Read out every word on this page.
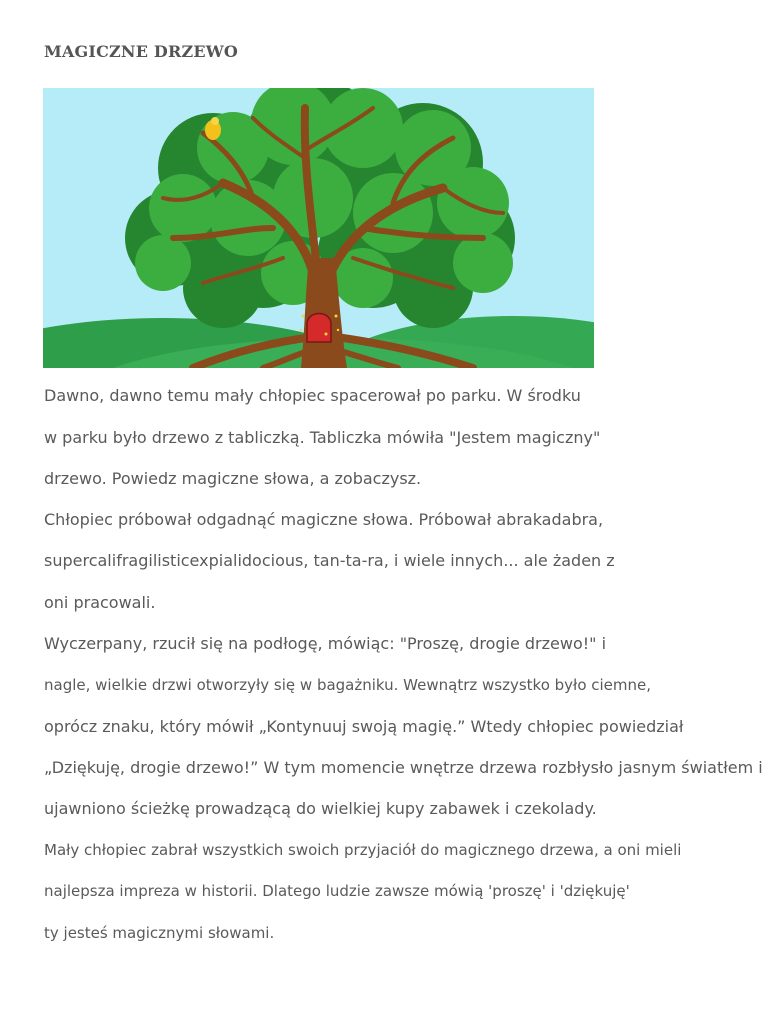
MAGICZNE DRZEWO

Dawno, dawno temu mały chłopiec spacerował po parku. W środku

w parku było drzewo z tabliczką. Tabliczka mówiła "Jestem magiczny"

drzewo. Powiedz magiczne słowa, a zobaczysz.

Chłopiec próbował odgadnąć magiczne słowa. Próbował abrakadabra,

supercalifragilisticexpialidocious, tan-ta-ra, i wiele innych... ale żaden z

oni pracowali.

Wyczerpany, rzucił się na podłogę, mówiąc: "Proszę, drogie drzewo!" i

nagle, wielkie drzwi otworzyły się w bagażniku. Wewnątrz wszystko było ciemne,

oprócz znaku, który mówił „Kontynuuj swoją magię.” Wtedy chłopiec powiedział

„Dziękuję, drogie drzewo!” W tym momencie wnętrze drzewa rozbłysło jasnym światłem i

ujawniono ścieżkę prowadzącą do wielkiej kupy zabawek i czekolady.

Mały chłopiec zabrał wszystkich swoich przyjaciół do magicznego drzewa, a oni mieli

najlepsza impreza w historii. Dlatego ludzie zawsze mówią 'proszę' i 'dziękuję'

ty jesteś magicznymi słowami.
